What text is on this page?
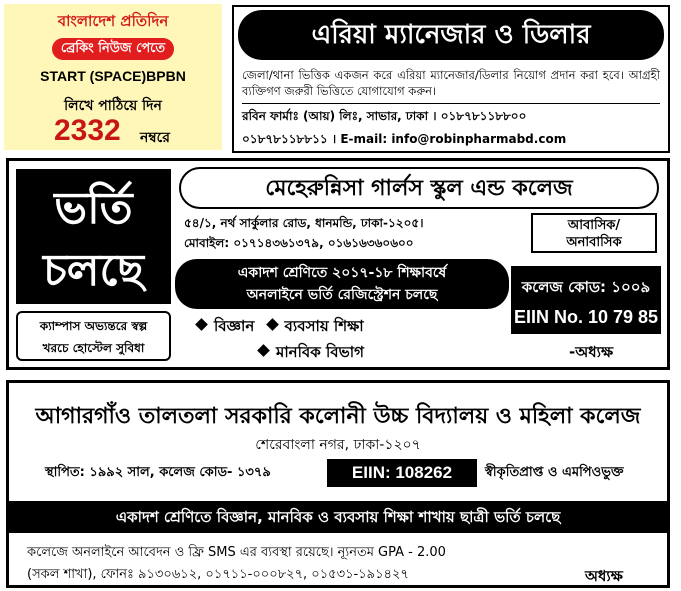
বাংলাদেশ প্রতিদিন
ব্রেকিং নিউজ পেতে
START (SPACE)BPBN
লিখে পাঠিয়ে দিন
2332 নম্বরে
এরিয়া ম্যানেজার ও ডিলার
জেলা/থানা ভিত্তিক একজন করে এরিয়া ম্যানেজার/ডিলার নিয়োগ প্রদান করা হবে। আগ্রহী ব্যক্তিগণ জরুরী ভিত্তিতে যোগাযোগ করুন।
রবিন ফার্মাঃ (আয়) লিঃ, সাভার, ঢাকা । ০১৮৭৮১১৮৮০০
০১৮৭৮১১৮৮১১ । E-mail: info@robinpharmabd.com
ভর্তি
চলছে
ক্যাম্পাস অভ্যন্তরে স্বল্প
খরচে হোস্টেল সুবিধা
মেহেরুন্নিসা গার্লস স্কুল এন্ড কলেজ
৫৪/১, নর্থ সার্কুলার রোড, ধানমন্ডি, ঢাকা-১২০৫।
মোবাইল: ০১৭১৪৩৬১৩৭৯, ০১৬১৬৩৬০৬০০
আবাসিক/
অনাবাসিক
একাদশ শ্রেণিতে ২০১৭-১৮ শিক্ষাবর্ষে
অনলাইনে ভর্তি রেজিস্ট্রেশন চলছে	কলেজ কোড: ১০০৯
EIIN No. 10 79 85
বিজ্ঞান ব্যবসায় শিক্ষা
মানবিক বিভাগ	-অধ্যক্ষ
আগারগাঁও তালতলা সরকারি কলোনী উচ্চ বিদ্যালয় ও মহিলা কলেজ
শেরেবাংলা নগর, ঢাকা-১২০৭
স্থাপিত: ১৯৯২ সাল, কলেজ কোড- ১৩৭৯	EIIN: 108262	স্বীকৃতিপ্রাপ্ত ও এমপিওভুক্ত
একাদশ শ্রেণিতে বিজ্ঞান, মানবিক ও ব্যবসায় শিক্ষা শাখায় ছাত্রী ভর্তি চলছে
কলেজে অনলাইনে আবেদন ও ফ্রি SMS এর ব্যবস্থা রয়েছে। ন্যূনতম GPA - 2.00
(সকল শাখা), ফোনঃ ৯১৩০৬১২, ০১৭১১-০০০৮২৭, ০১৫৩১-১৯১৪২৭	অধ্যক্ষ
